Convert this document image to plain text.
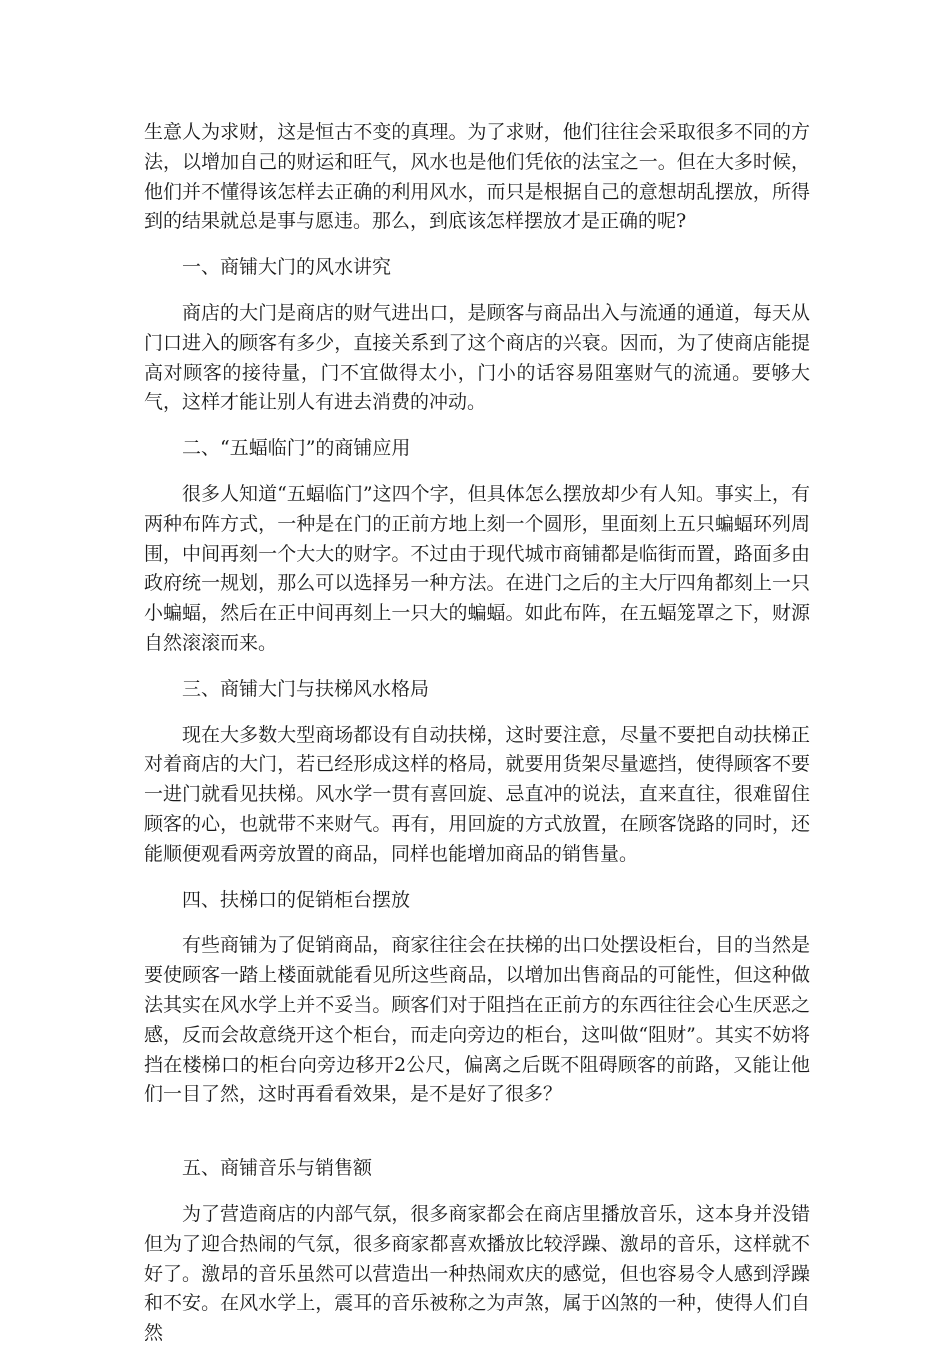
生意人为求财，这是恒古不变的真理。为了求财，他们往往会采取很多不同的方法，以增加自己的财运和旺气，风水也是他们凭依的法宝之一。但在大多时候，他们并不懂得该怎样去正确的利用风水，而只是根据自己的意想胡乱摆放，所得到的结果就总是事与愿违。那么，到底该怎样摆放才是正确的呢?

一、商铺大门的风水讲究

商店的大门是商店的财气进出口，是顾客与商品出入与流通的通道，每天从门口进入的顾客有多少，直接关系到了这个商店的兴衰。因而，为了使商店能提高对顾客的接待量，门不宜做得太小，门小的话容易阻塞财气的流通。要够大气，这样才能让别人有进去消费的冲动。

二、“五蝠临门”的商铺应用

很多人知道“五蝠临门”这四个字，但具体怎么摆放却少有人知。事实上，有两种布阵方式，一种是在门的正前方地上刻一个圆形，里面刻上五只蝙蝠环列周围，中间再刻一个大大的财字。不过由于现代城市商铺都是临街而置，路面多由政府统一规划，那么可以选择另一种方法。在进门之后的主大厅四角都刻上一只小蝙蝠，然后在正中间再刻上一只大的蝙蝠。如此布阵，在五蝠笼罩之下，财源自然滚滚而来。

三、商铺大门与扶梯风水格局

现在大多数大型商场都设有自动扶梯，这时要注意，尽量不要把自动扶梯正对着商店的大门，若已经形成这样的格局，就要用货架尽量遮挡，使得顾客不要一进门就看见扶梯。风水学一贯有喜回旋、忌直冲的说法，直来直往，很难留住顾客的心，也就带不来财气。再有，用回旋的方式放置，在顾客饶路的同时，还能顺便观看两旁放置的商品，同样也能增加商品的销售量。

四、扶梯口的促销柜台摆放

有些商铺为了促销商品，商家往往会在扶梯的出口处摆设柜台，目的当然是要使顾客一踏上楼面就能看见所这些商品，以增加出售商品的可能性，但这种做法其实在风水学上并不妥当。顾客们对于阻挡在正前方的东西往往会心生厌恶之感，反而会故意绕开这个柜台，而走向旁边的柜台，这叫做“阻财”。其实不妨将挡在楼梯口的柜台向旁边移开2公尺，偏离之后既不阻碍顾客的前路，又能让他们一目了然，这时再看看效果，是不是好了很多？

五、商铺音乐与销售额

为了营造商店的内部气氛，很多商家都会在商店里播放音乐，这本身并没错但为了迎合热闹的气氛，很多商家都喜欢播放比较浮躁、激昂的音乐，这样就不好了。激昂的音乐虽然可以营造出一种热闹欢庆的感觉，但也容易令人感到浮躁和不安。在风水学上，震耳的音乐被称之为声煞，属于凶煞的一种，使得人们自然
